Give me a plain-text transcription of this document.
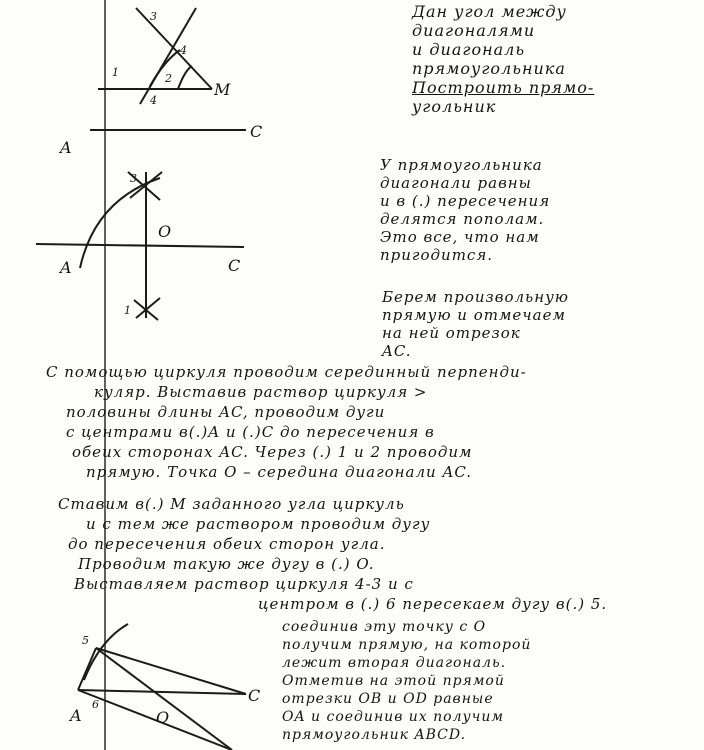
3
4
2
M
1
4
A
C
3
O
A	C
1
5
A
6
O
C
Дан угол между
диагоналями
и диагональ
прямоугольника
Построить прямо-
угольник
У прямоугольника
диагонали равны
и в (.) пересечения
делятся пополам.
Это все, что нам
пригодится.
Берем произвольную
прямую и отмечаем
на ней отрезок
AC.
С помощью циркуля проводим серединный перпенди-
куляр. Выставив раствор циркуля >
половины длины AC, проводим дуги
с центрами в(.)A и (.)C до пересечения в
обеих сторонах AC. Через (.) 1 и 2 проводим
прямую. Точка O – середина диагонали AC.
Ставим в(.) M заданного угла циркуль
и с тем же раствором проводим дугу
до пересечения обеих сторон угла.
Проводим такую же дугу в (.) O.
Выставляем раствор циркуля 4-3 и с
центром в (.) 6 пересекаем дугу в(.) 5.
соединив эту точку с O
получим прямую, на которой
лежит вторая диагональ.
Отметив на этой прямой
отрезки OB и OD равные
OA и соединив их получим
прямоугольник ABCD.
